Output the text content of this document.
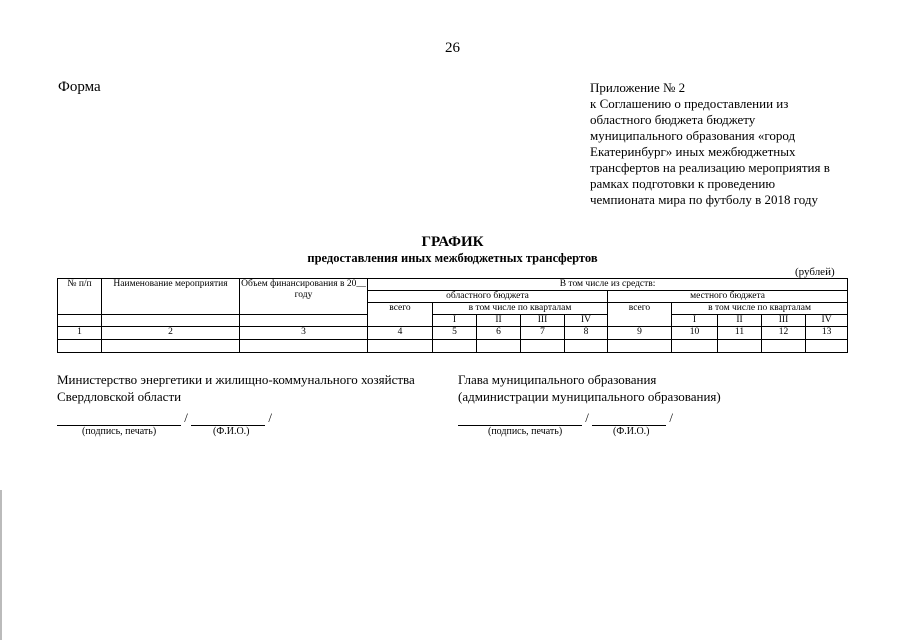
26
Форма	Приложение № 2
к Соглашению о предоставлении из
областного бюджета бюджету
муниципального образования «город
Екатеринбург» иных межбюджетных
трансфертов на реализацию мероприятия в
рамках подготовки к проведению
чемпионата мира по футболу в 2018 году
ГРАФИК
предоставления иных межбюджетных трансфертов
(рублей)
№ п/п	Наименование мероприятия	Объем финансирования в 20__ году	В том числе из средств:									
			областного бюджета					местного бюджета				
			всего	в том числе по кварталам				всего	в том числе по кварталам			
				I	II	III	IV		I	II	III	IV
1	2	3	4	5	6	7	8	9	10	11	12	13

Министерство энергетики и жилищно-коммунального хозяйства
Свердловской области
/	/
(подпись, печать)	(Ф.И.О.)
Глава муниципального образования
(администрации муниципального образования)
/	/
(подпись, печать)	(Ф.И.О.)
